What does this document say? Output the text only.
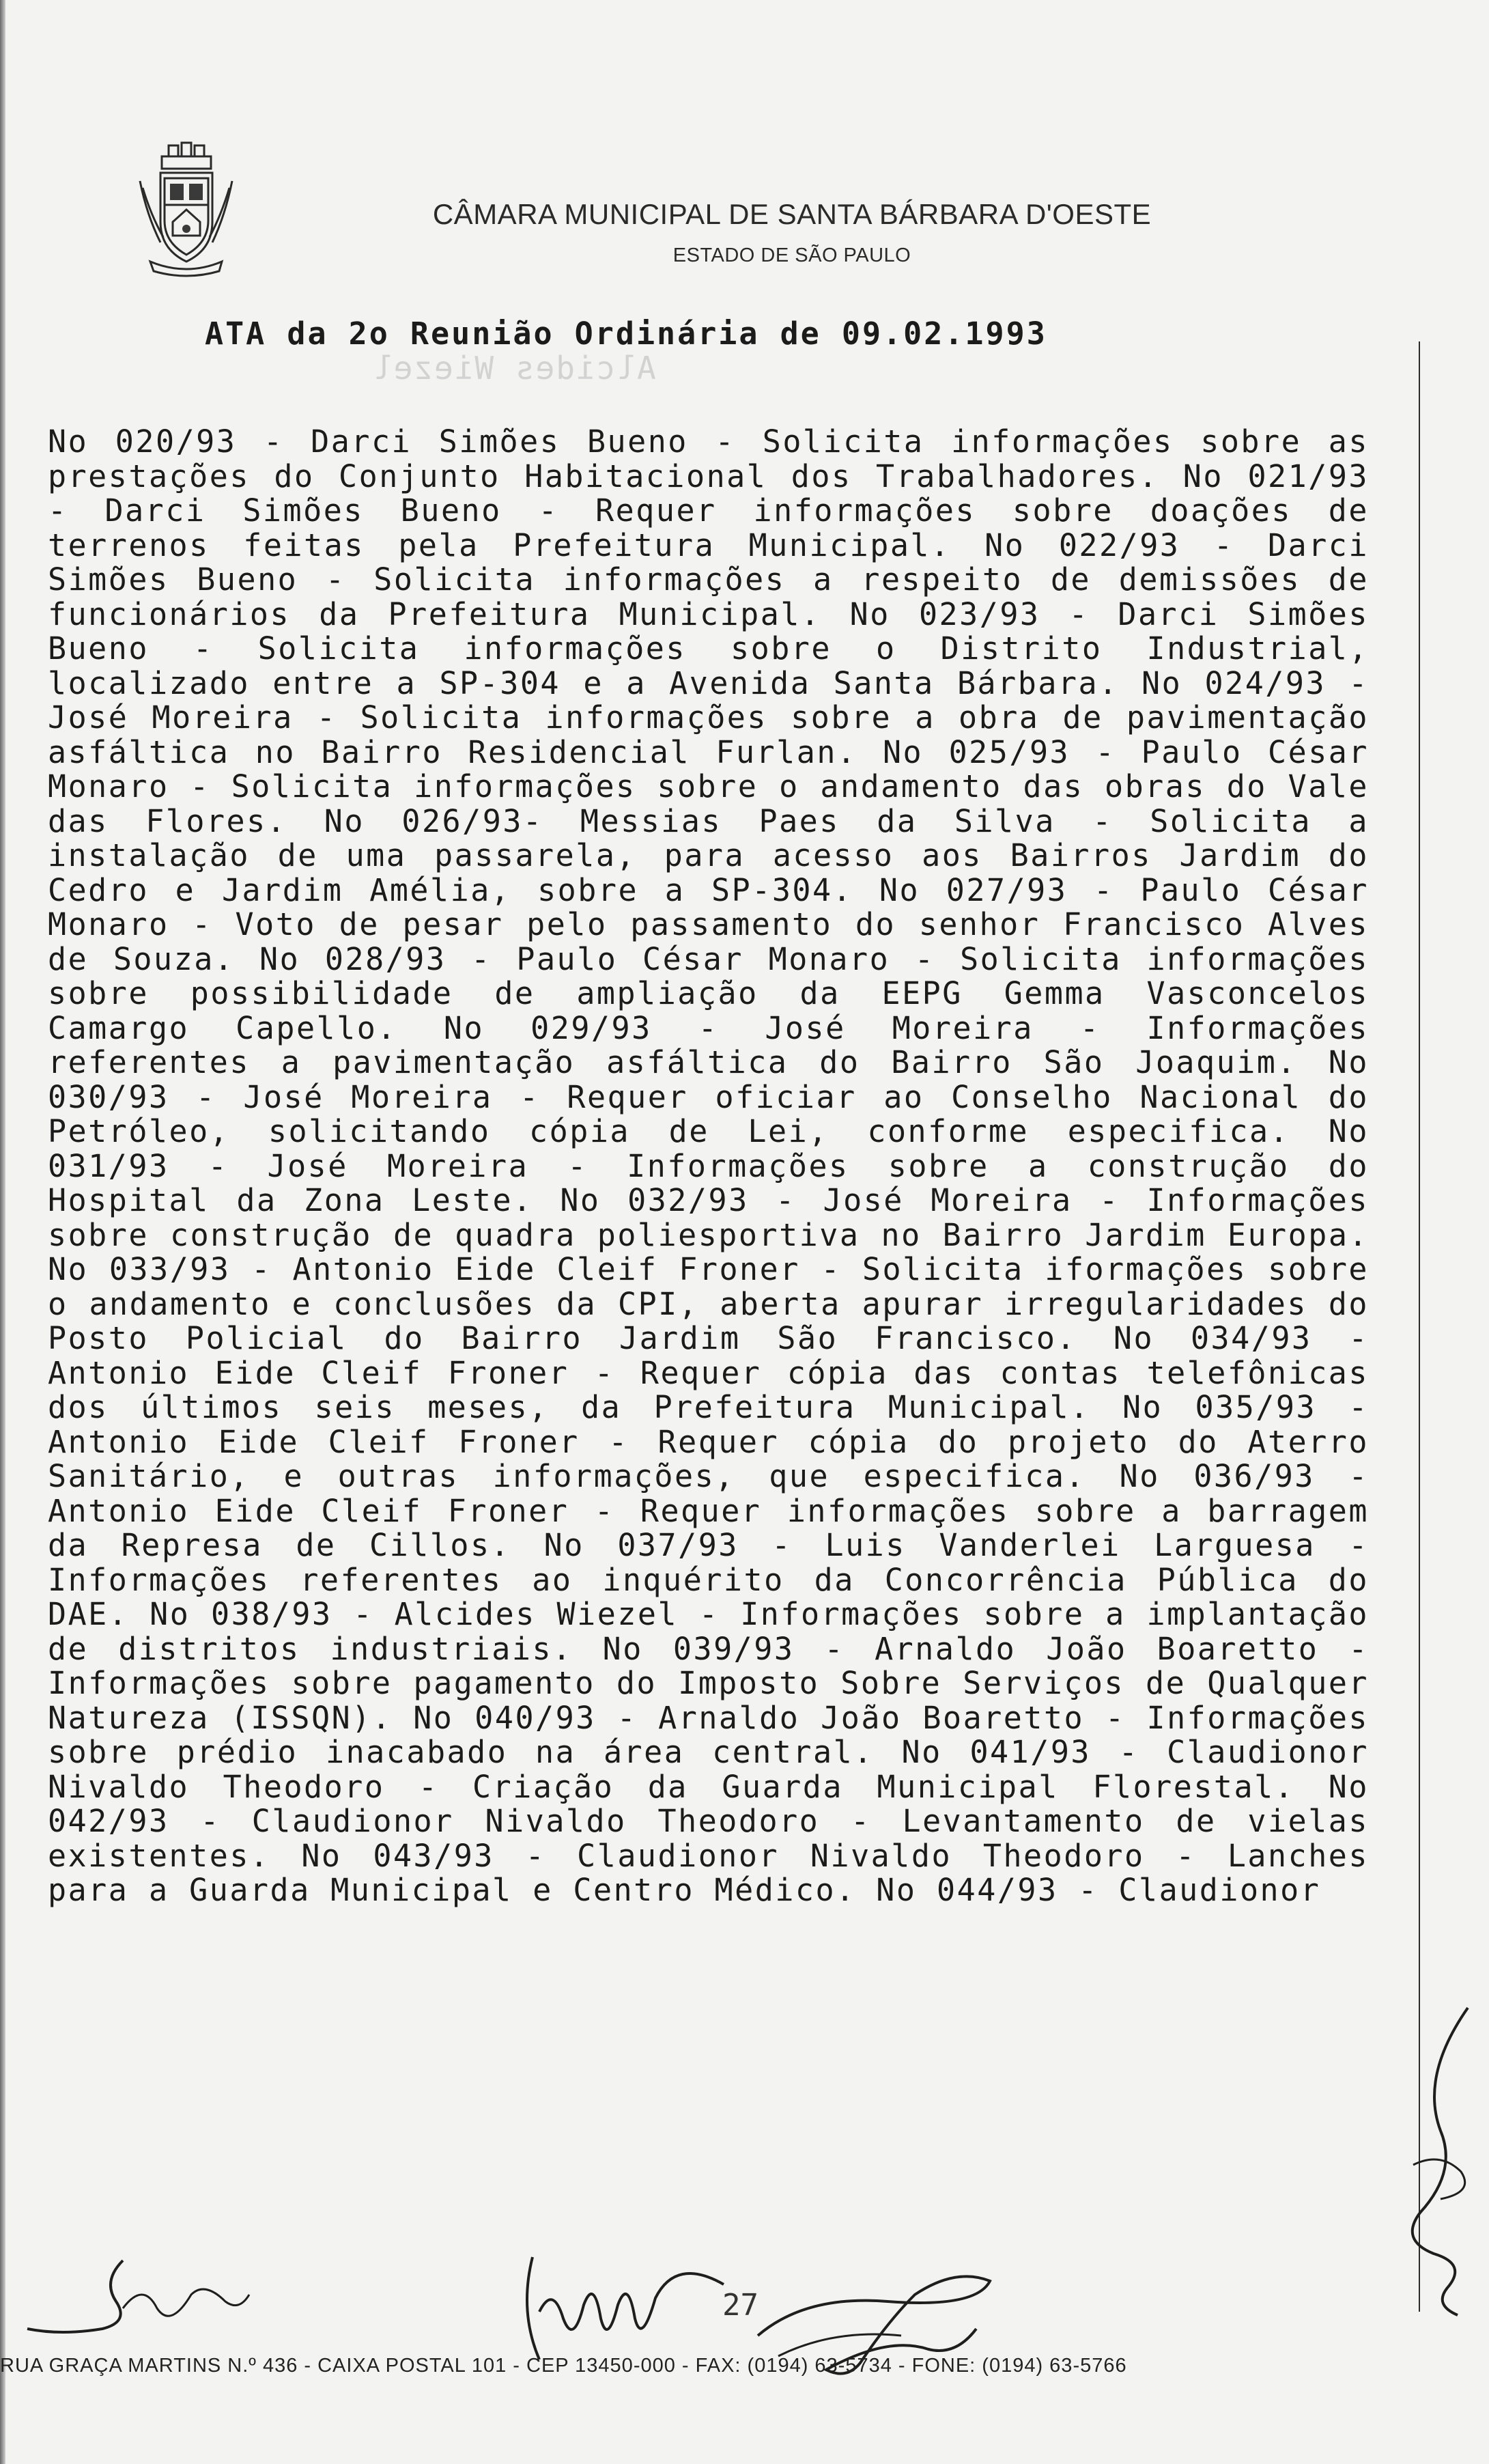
CÂMARA MUNICIPAL DE SANTA BÁRBARA D'OESTE
ESTADO DE SÃO PAULO
ATA da 2o Reunião Ordinária de 09.02.1993
Alcides Wiezel

No 020/93 - Darci Simões Bueno - Solicita informações sobre as prestações do Conjunto Habitacional dos Trabalhadores. No 021/93 - Darci Simões Bueno - Requer informações sobre doações de terrenos feitas pela Prefeitura Municipal. No 022/93 - Darci Simões Bueno - Solicita informações a respeito de demissões de funcionários da Prefeitura Municipal. No 023/93 - Darci Simões Bueno - Solicita informações sobre o Distrito Industrial, localizado entre a SP-304 e a Avenida Santa Bárbara. No 024/93 - José Moreira - Solicita informações sobre a obra de pavimentação asfáltica no Bairro Residencial Furlan. No 025/93 - Paulo César Monaro - Solicita informações sobre o andamento das obras do Vale das Flores. No 026/93- Messias Paes da Silva - Solicita a instalação de uma passarela, para acesso aos Bairros Jardim do Cedro e Jardim Amélia, sobre a SP-304. No 027/93 - Paulo César Monaro - Voto de pesar pelo passamento do senhor Francisco Alves de Souza. No 028/93 - Paulo César Monaro - Solicita informações sobre possibilidade de ampliação da EEPG Gemma Vasconcelos Camargo Capello. No 029/93 - José Moreira - Informações referentes a pavimentação asfáltica do Bairro São Joaquim. No 030/93 - José Moreira - Requer oficiar ao Conselho Nacional do Petróleo, solicitando cópia de Lei, conforme especifica. No 031/93 - José Moreira - Informações sobre a construção do Hospital da Zona Leste. No 032/93 - José Moreira - Informações sobre construção de quadra poliesportiva no Bairro Jardim Europa. No 033/93 - Antonio Eide Cleif Froner - Solicita iformações sobre o andamento e conclusões da CPI, aberta apurar irregularidades do Posto Policial do Bairro Jardim São Francisco. No 034/93 - Antonio Eide Cleif Froner - Requer cópia das contas telefônicas dos últimos seis meses, da Prefeitura Municipal. No 035/93 - Antonio Eide Cleif Froner - Requer cópia do projeto do Aterro Sanitário, e outras informações, que especifica. No 036/93 - Antonio Eide Cleif Froner - Requer informações sobre a barragem da Represa de Cillos. No 037/93 - Luis Vanderlei Larguesa - Informações referentes ao inquérito da Concorrência Pública do DAE. No 038/93 - Alcides Wiezel - Informações sobre a implantação de distritos industriais. No 039/93 - Arnaldo João Boaretto - Informações sobre pagamento do Imposto Sobre Serviços de Qualquer Natureza (ISSQN). No 040/93 - Arnaldo João Boaretto - Informações sobre prédio inacabado na área central. No 041/93 - Claudionor Nivaldo Theodoro - Criação da Guarda Municipal Florestal. No 042/93 - Claudionor Nivaldo Theodoro - Levantamento de vielas existentes. No 043/93 - Claudionor Nivaldo Theodoro - Lanches para a Guarda Municipal e Centro Médico. No 044/93 - Claudionor

27
RUA GRAÇA MARTINS N.º 436 - CAIXA POSTAL 101 - CEP 13450-000 - FAX: (0194) 63-5734 - FONE: (0194) 63-5766
